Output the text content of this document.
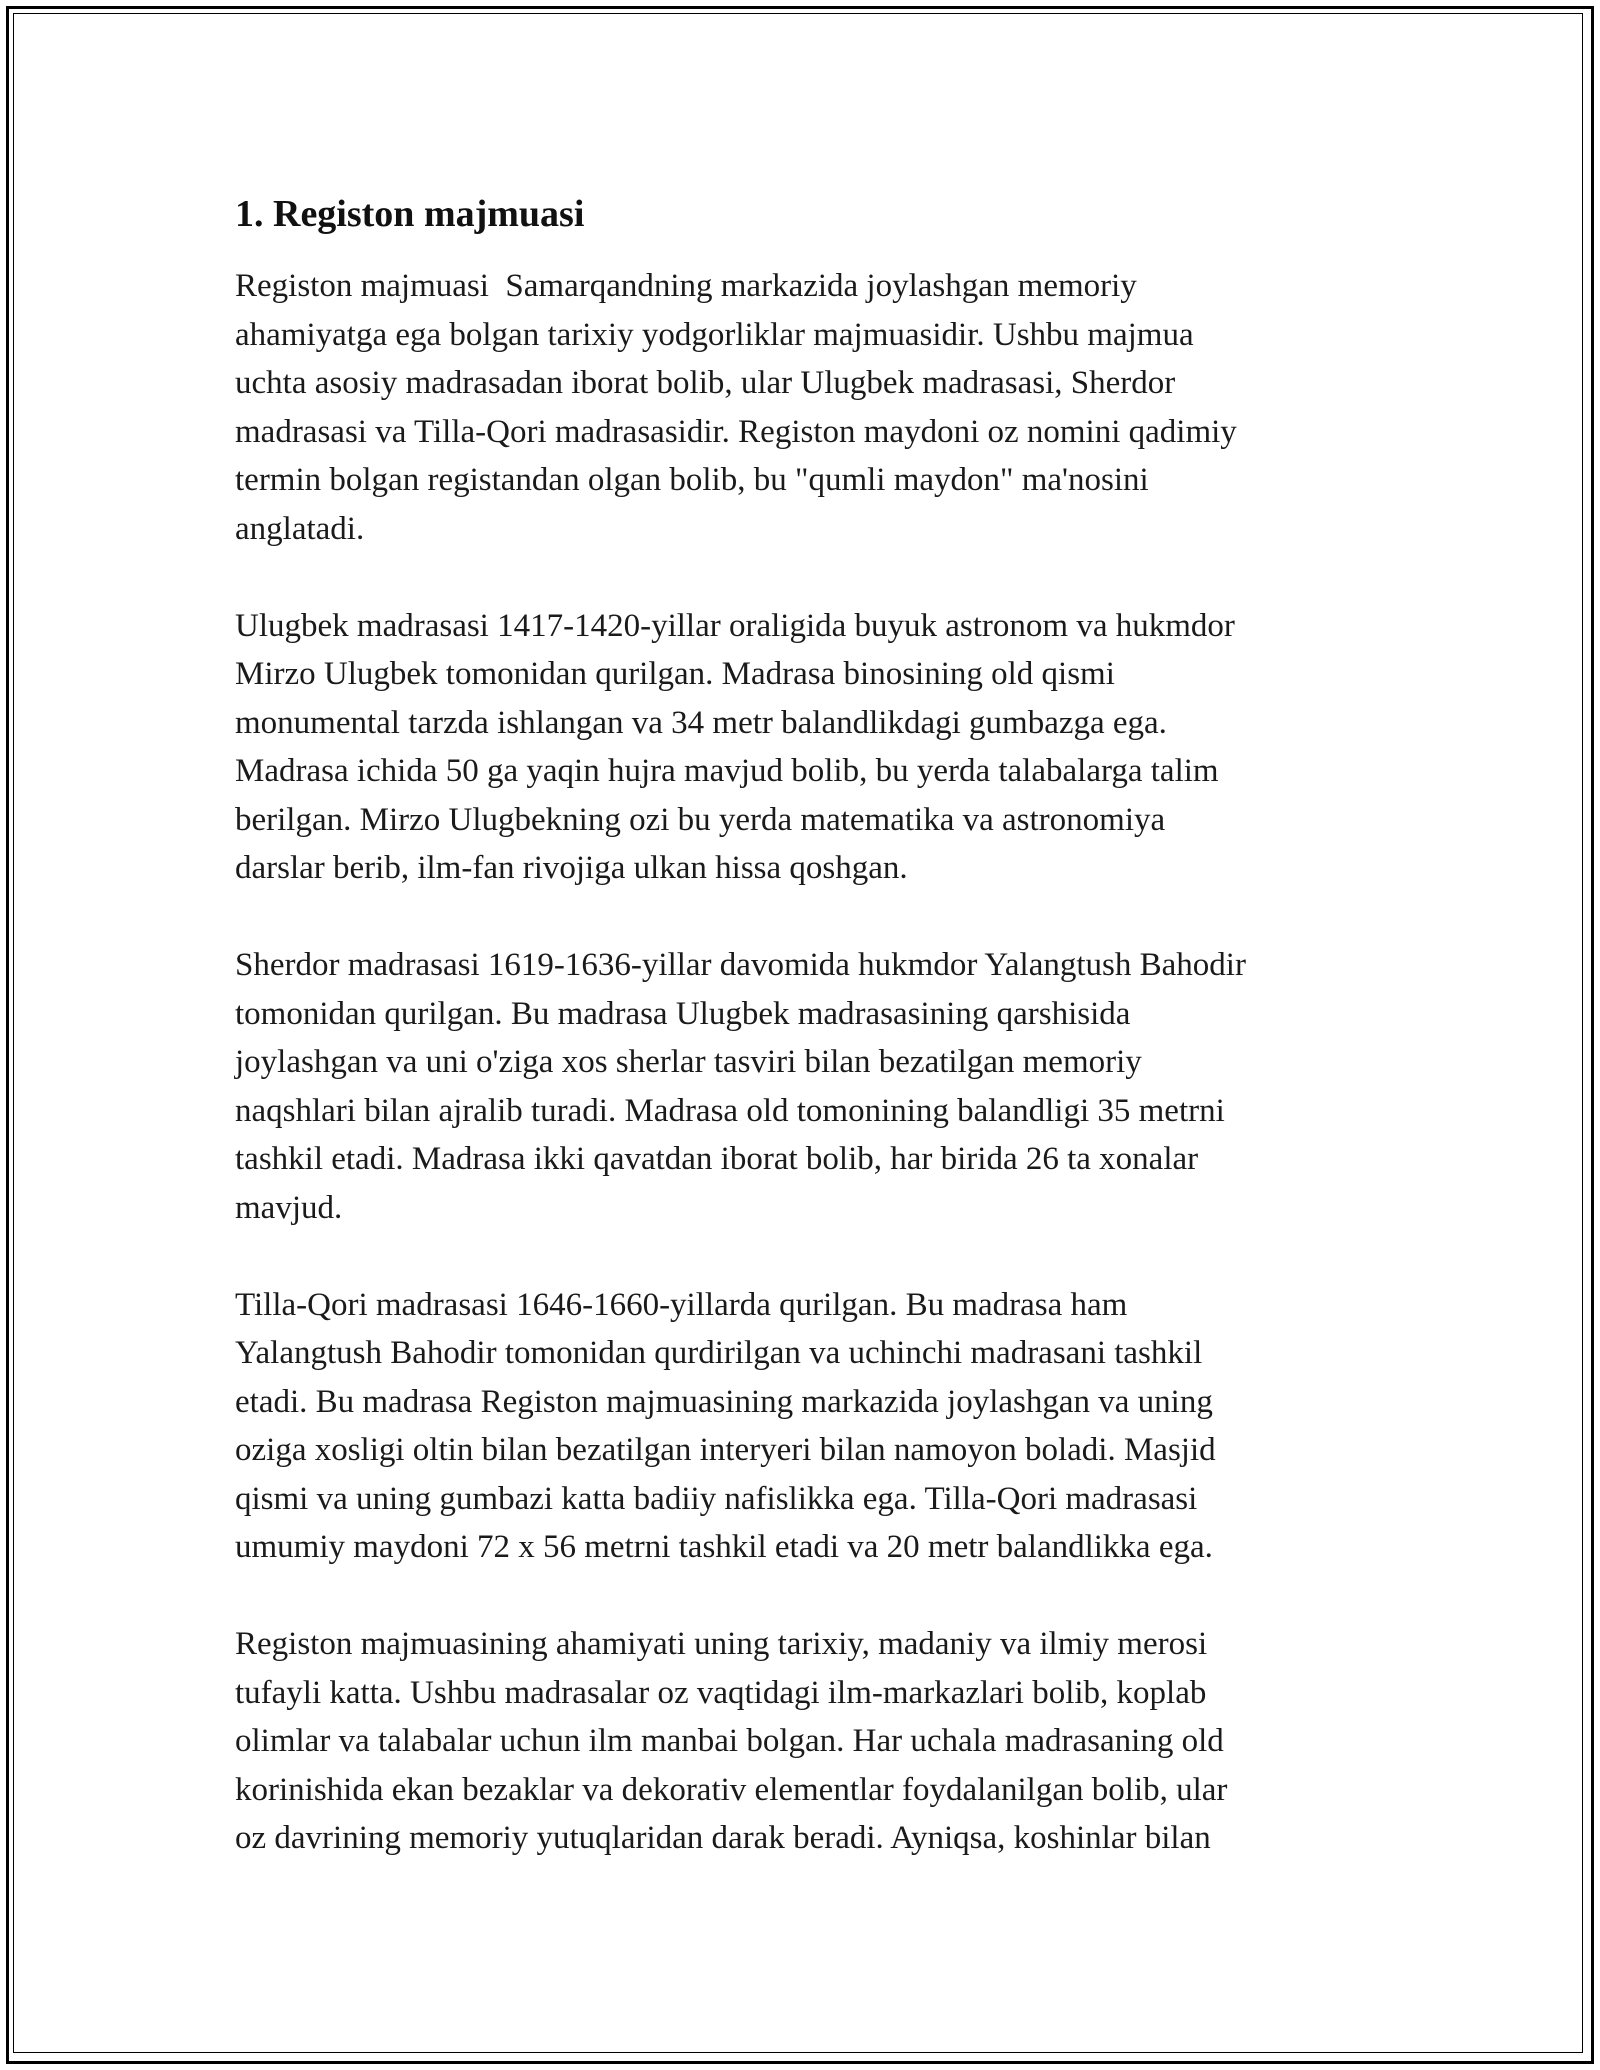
1. Registon majmuasi

Registon majmuasi  Samarqandning markazida joylashgan memoriy
ahamiyatga ega bolgan tarixiy yodgorliklar majmuasidir. Ushbu majmua
uchta asosiy madrasadan iborat bolib, ular Ulugbek madrasasi, Sherdor
madrasasi va Tilla-Qori madrasasidir. Registon maydoni oz nomini qadimiy
termin bolgan registandan olgan bolib, bu "qumli maydon" ma'nosini
anglatadi.

Ulugbek madrasasi 1417-1420-yillar oraligida buyuk astronom va hukmdor
Mirzo Ulugbek tomonidan qurilgan. Madrasa binosining old qismi
monumental tarzda ishlangan va 34 metr balandlikdagi gumbazga ega.
Madrasa ichida 50 ga yaqin hujra mavjud bolib, bu yerda talabalarga talim
berilgan. Mirzo Ulugbekning ozi bu yerda matematika va astronomiya
darslar berib, ilm-fan rivojiga ulkan hissa qoshgan.

Sherdor madrasasi 1619-1636-yillar davomida hukmdor Yalangtush Bahodir
tomonidan qurilgan. Bu madrasa Ulugbek madrasasining qarshisida
joylashgan va uni o'ziga xos sherlar tasviri bilan bezatilgan memoriy
naqshlari bilan ajralib turadi. Madrasa old tomonining balandligi 35 metrni
tashkil etadi. Madrasa ikki qavatdan iborat bolib, har birida 26 ta xonalar
mavjud.

Tilla-Qori madrasasi 1646-1660-yillarda qurilgan. Bu madrasa ham
Yalangtush Bahodir tomonidan qurdirilgan va uchinchi madrasani tashkil
etadi. Bu madrasa Registon majmuasining markazida joylashgan va uning
oziga xosligi oltin bilan bezatilgan interyeri bilan namoyon boladi. Masjid
qismi va uning gumbazi katta badiiy nafislikka ega. Tilla-Qori madrasasi
umumiy maydoni 72 x 56 metrni tashkil etadi va 20 metr balandlikka ega.

Registon majmuasining ahamiyati uning tarixiy, madaniy va ilmiy merosi
tufayli katta. Ushbu madrasalar oz vaqtidagi ilm-markazlari bolib, koplab
olimlar va talabalar uchun ilm manbai bolgan. Har uchala madrasaning old
korinishida ekan bezaklar va dekorativ elementlar foydalanilgan bolib, ular
oz davrining memoriy yutuqlaridan darak beradi. Ayniqsa, koshinlar bilan
